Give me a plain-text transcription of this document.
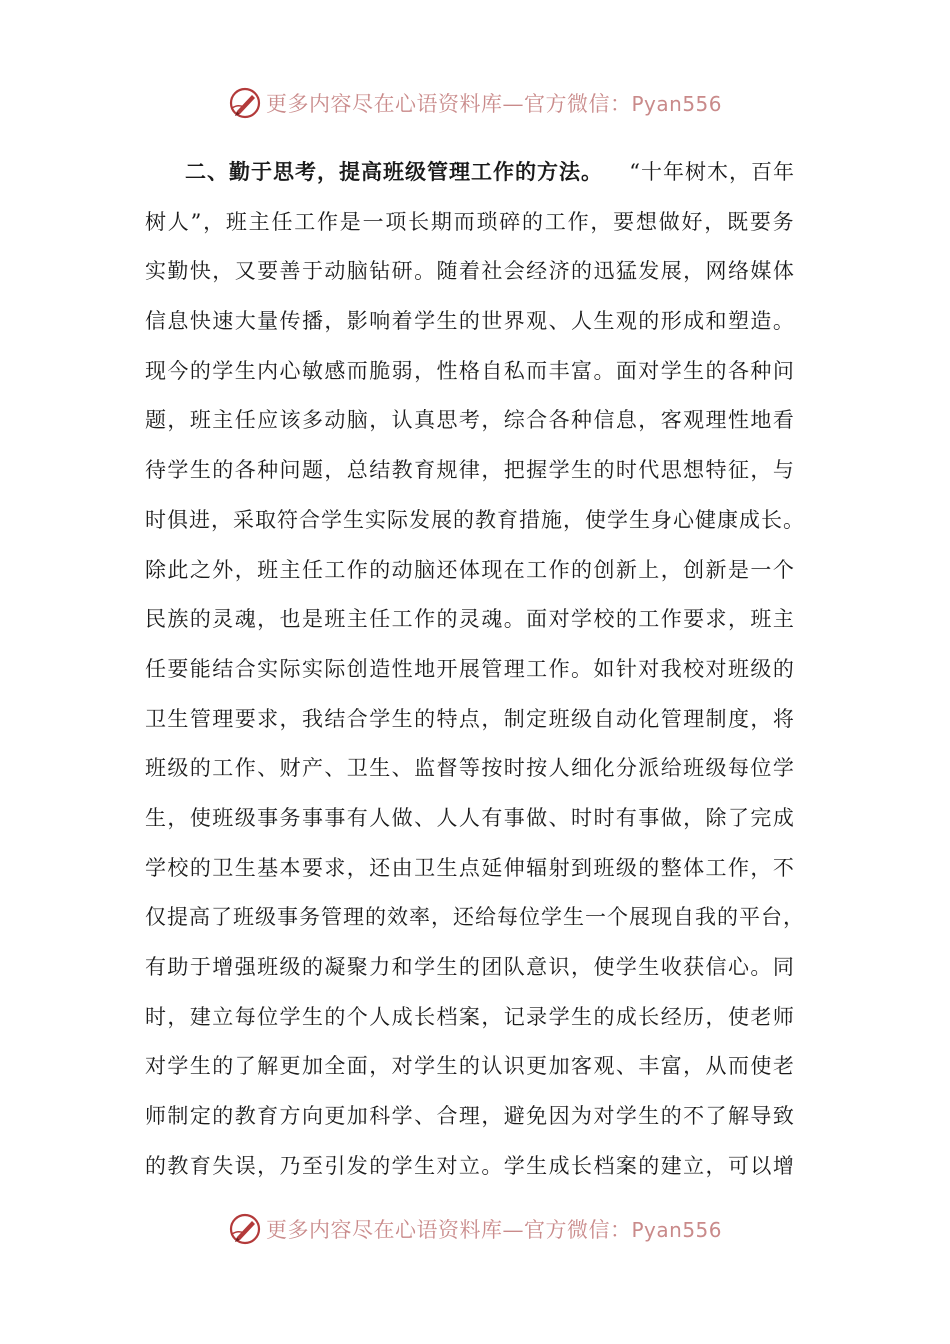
更多内容尽在心语资料库—官方微信：Pyan556
二、勤于思考，提高班级管理工作的方法。 “十年树木，百年
树 人 ” ， 班 主 任 工 作 是 一 项 长 期 而 琐 碎 的 工 作 ， 要 想 做 好 ， 既 要 务
实 勤 快 ， 又 要 善 于 动 脑 钻 研 。 随 着 社 会 经 济 的 迅 猛 发 展 ， 网 络 媒 体
信 息 快 速 大 量 传 播 ， 影 响 着 学 生 的 世 界 观 、 人 生 观 的 形 成 和 塑 造 。
现 今 的 学 生 内 心 敏 感 而 脆 弱 ， 性 格 自 私 而 丰 富 。 面 对 学 生 的 各 种 问
题 ， 班 主 任 应 该 多 动 脑 ， 认 真 思 考 ， 综 合 各 种 信 息 ， 客 观 理 性 地 看
待 学 生 的 各 种 问 题 ， 总 结 教 育 规 律 ， 把 握 学 生 的 时 代 思 想 特 征 ， 与
时 俱 进 ， 采 取 符 合 学 生 实 际 发 展 的 教 育 措 施 ， 使 学 生 身 心 健 康 成 长 。
除 此 之 外 ， 班 主 任 工 作 的 动 脑 还 体 现 在 工 作 的 创 新 上 ， 创 新 是 一 个
民 族 的 灵 魂 ， 也 是 班 主 任 工 作 的 灵 魂 。 面 对 学 校 的 工 作 要 求 ， 班 主
任 要 能 结 合 实 际 实 际 创 造 性 地 开 展 管 理 工 作 。 如 针 对 我 校 对 班 级 的
卫 生 管 理 要 求 ， 我 结 合 学 生 的 特 点 ， 制 定 班 级 自 动 化 管 理 制 度 ， 将
班 级 的 工 作 、 财 产 、 卫 生 、 监 督 等 按 时 按 人 细 化 分 派 给 班 级 每 位 学
生 ， 使 班 级 事 务 事 事 有 人 做 、 人 人 有 事 做 、 时 时 有 事 做 ， 除 了 完 成
学 校 的 卫 生 基 本 要 求 ， 还 由 卫 生 点 延 伸 辐 射 到 班 级 的 整 体 工 作 ， 不
仅 提 高 了 班 级 事 务 管 理 的 效 率 ， 还 给 每 位 学 生 一 个 展 现 自 我 的 平 台 ，
有 助 于 增 强 班 级 的 凝 聚 力 和 学 生 的 团 队 意 识 ， 使 学 生 收 获 信 心 。 同
时 ， 建 立 每 位 学 生 的 个 人 成 长 档 案 ， 记 录 学 生 的 成 长 经 历 ， 使 老 师
对 学 生 的 了 解 更 加 全 面 ， 对 学 生 的 认 识 更 加 客 观 、 丰 富 ， 从 而 使 老
师 制 定 的 教 育 方 向 更 加 科 学 、 合 理 ， 避 免 因 为 对 学 生 的 不 了 解 导 致
的 教 育 失 误 ， 乃 至 引 发 的 学 生 对 立 。 学 生 成 长 档 案 的 建 立 ， 可 以 增
更多内容尽在心语资料库—官方微信：Pyan556
